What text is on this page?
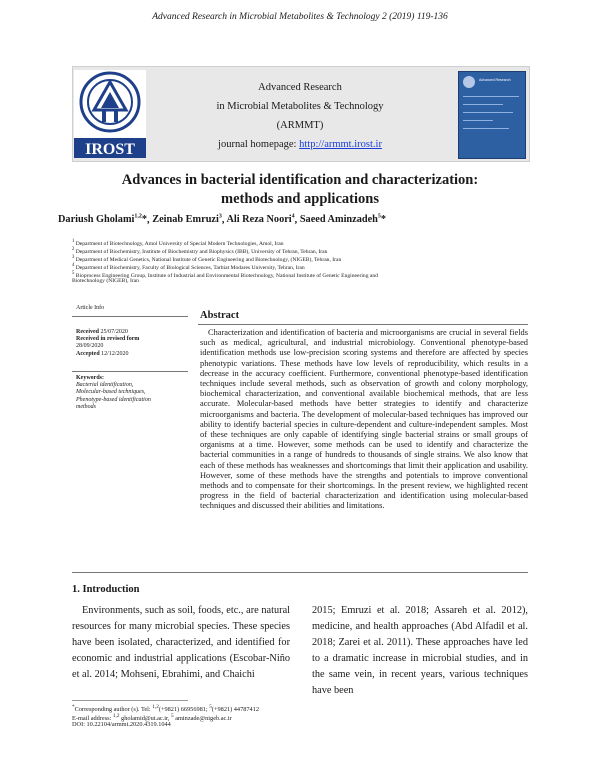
Advanced Research in Microbial Metabolites & Technology 2 (2019) 119-136
IROST
Advanced Research
in Microbial Metabolites & Technology
(ARMMT)
journal homepage: http://armmt.irost.ir
Advanced Research
Advances in bacterial identification and characterization:
methods and applications
Dariush Gholami$^{1,2}$*, Zeinab Emruzi$^3$, Ali Reza Noori$^4$, Saeed Aminzadeh$^5$*
$^1$ Department of Biotechnology, Amol University of Special Modern Technologies, Amol, Iran
$^2$ Department of Biochemistry, Institute of Biochemistry and Biophysics (IBB), University of Tehran, Tehran, Iran
$^3$ Department of Medical Genetics, National Institute of Genetic Engineering and Biotechnology, (NIGEB), Tehran, Iran
$^4$ Department of Biochemistry, Faculty of Biological Sciences, Tarbiat Modares University, Tehran, Iran
$^5$ Bioprocess Engineering Group, Institute of Industrial and Environmental Biotechnology, National Institute of Genetic Engineering and
Biotechnology (NIGEB), Iran
Article Info
Received 25/07/2020
Received in revised form
28/09/2020
Accepted 12/12/2020
Keywords:
Bacterial identification,
Molecular-based techniques,
Phenotype-based identification
methods
Abstract
Characterization and identification of bacteria and microorganisms are crucial in several fields such as medical, agricultural, and industrial microbiology. Conventional phenotype-based identification methods use low-precision scoring systems and therefore are affected by species phenotypic variations. These methods have low levels of reproducibility, which results in a decrease in the accuracy coefficient. Furthermore, conventional phenotype-based identification techniques include several methods, such as observation of growth and colony morphology, biochemical characterization, and conventional available biochemical methods, that are less accurate. Molecular-based methods have better strategies to identify and characterize microorganisms and bacteria. The development of molecular-based techniques has improved our ability to identify bacterial species in culture-dependent and culture-independent samples. Most of these techniques are only capable of identifying single bacterial strains or small groups of organisms at a time. However, some methods can be used to identify and characterize the bacterial communities in a range of hundreds to thousands of single strains. We also know that each of these methods has weaknesses and shortcomings that limit their application and usability. However, some of these methods have the strengths and potentials to improve conventional methods and to compensate for their shortcomings. In the present review, we highlighted recent progress in the field of bacterial characterization and identification using molecular-based techniques and discussed their abilities and limitations.
1. Introduction
Environments, such as soil, foods, etc., are natural resources for many microbial species. These species have been isolated, characterized, and identified for economic and industrial applications (Escobar-Niño et al. 2014; Mohseni, Ebrahimi, and Chaichi
2015; Emruzi et al. 2018; Assareh et al. 2012), medicine, and health approaches (Abd Alfadil et al. 2018; Zarei et al. 2011). These approaches have led to a dramatic increase in microbial studies, and in the same vein, in recent years, various techniques have been
*Corresponding author (s). Tel: $^{1,2}$(+9821) 66956981; $^5$(+9821) 44787412
E-mail address: $^{1,2}$ gholamid@ut.ac.ir, $^5$ aminzade@nigeb.ac.ir
DOI: 10.22104/armmt.2020.4319.1044
